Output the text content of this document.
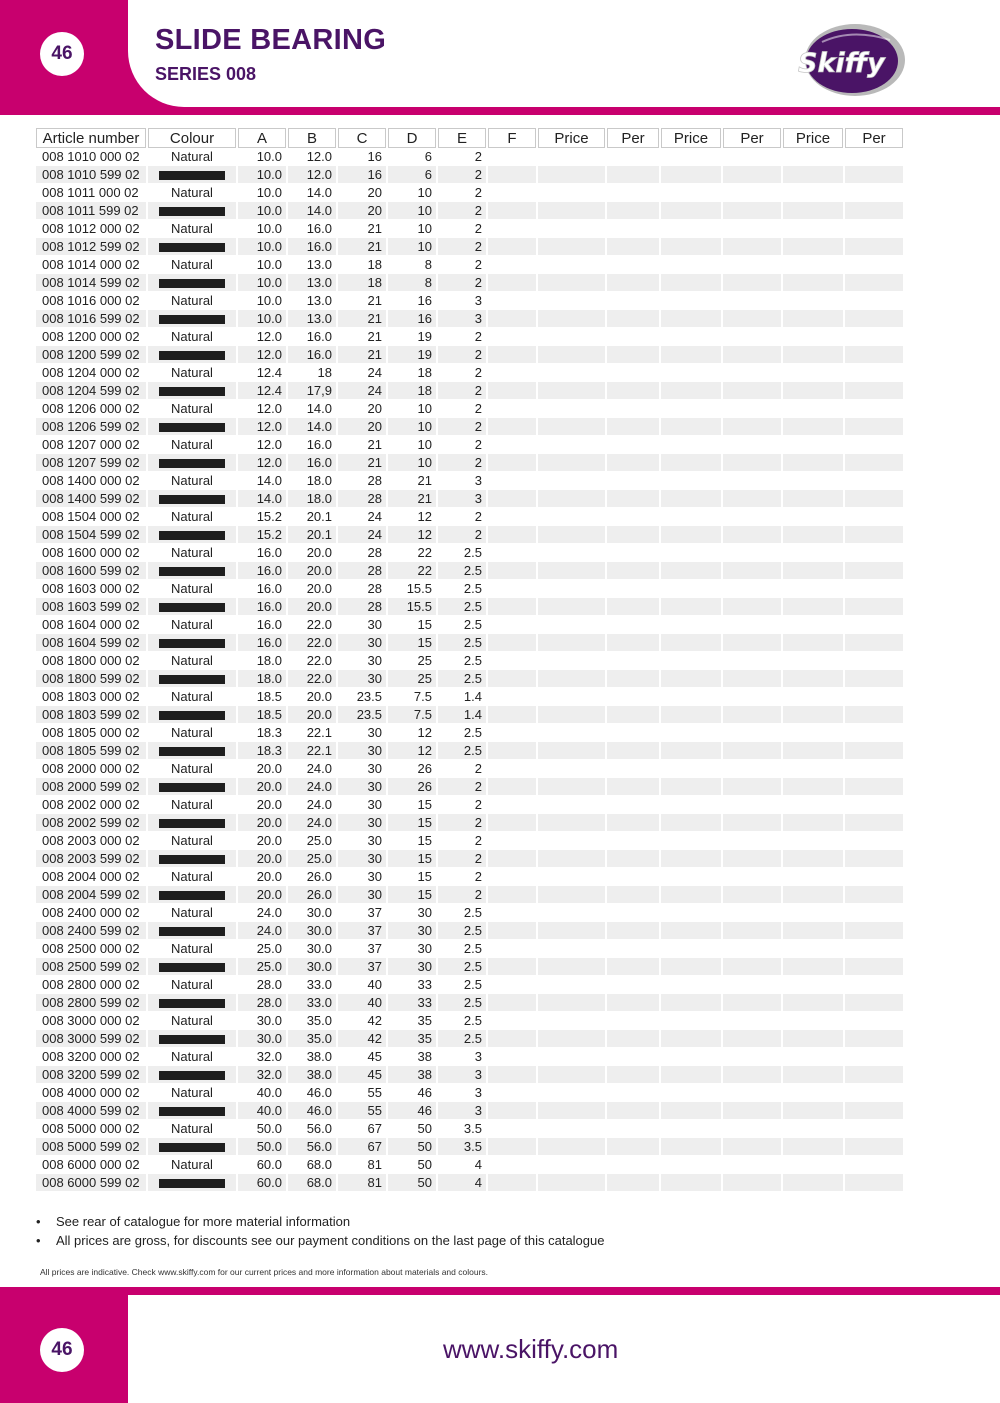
46	SLIDE BEARING
SERIES 008	Skiffy
Article number	Colour	A	B	C	D	E	F	Price	Per	Price	Per	Price	Per
008 1010 000 02	Natural	10.0	12.0	16	6	2							
008 1010 599 02		10.0	12.0	16	6	2							
008 1011 000 02	Natural	10.0	14.0	20	10	2							
008 1011 599 02		10.0	14.0	20	10	2							
008 1012 000 02	Natural	10.0	16.0	21	10	2							
008 1012 599 02		10.0	16.0	21	10	2							
008 1014 000 02	Natural	10.0	13.0	18	8	2							
008 1014 599 02		10.0	13.0	18	8	2							
008 1016 000 02	Natural	10.0	13.0	21	16	3							
008 1016 599 02		10.0	13.0	21	16	3							
008 1200 000 02	Natural	12.0	16.0	21	19	2							
008 1200 599 02		12.0	16.0	21	19	2							
008 1204 000 02	Natural	12.4	18	24	18	2							
008 1204 599 02		12.4	17,9	24	18	2							
008 1206 000 02	Natural	12.0	14.0	20	10	2							
008 1206 599 02		12.0	14.0	20	10	2							
008 1207 000 02	Natural	12.0	16.0	21	10	2							
008 1207 599 02		12.0	16.0	21	10	2							
008 1400 000 02	Natural	14.0	18.0	28	21	3							
008 1400 599 02		14.0	18.0	28	21	3							
008 1504 000 02	Natural	15.2	20.1	24	12	2							
008 1504 599 02		15.2	20.1	24	12	2							
008 1600 000 02	Natural	16.0	20.0	28	22	2.5							
008 1600 599 02		16.0	20.0	28	22	2.5							
008 1603 000 02	Natural	16.0	20.0	28	15.5	2.5							
008 1603 599 02		16.0	20.0	28	15.5	2.5							
008 1604 000 02	Natural	16.0	22.0	30	15	2.5							
008 1604 599 02		16.0	22.0	30	15	2.5							
008 1800 000 02	Natural	18.0	22.0	30	25	2.5							
008 1800 599 02		18.0	22.0	30	25	2.5							
008 1803 000 02	Natural	18.5	20.0	23.5	7.5	1.4							
008 1803 599 02		18.5	20.0	23.5	7.5	1.4							
008 1805 000 02	Natural	18.3	22.1	30	12	2.5							
008 1805 599 02		18.3	22.1	30	12	2.5							
008 2000 000 02	Natural	20.0	24.0	30	26	2							
008 2000 599 02		20.0	24.0	30	26	2							
008 2002 000 02	Natural	20.0	24.0	30	15	2							
008 2002 599 02		20.0	24.0	30	15	2							
008 2003 000 02	Natural	20.0	25.0	30	15	2							
008 2003 599 02		20.0	25.0	30	15	2							
008 2004 000 02	Natural	20.0	26.0	30	15	2							
008 2004 599 02		20.0	26.0	30	15	2							
008 2400 000 02	Natural	24.0	30.0	37	30	2.5							
008 2400 599 02		24.0	30.0	37	30	2.5							
008 2500 000 02	Natural	25.0	30.0	37	30	2.5							
008 2500 599 02		25.0	30.0	37	30	2.5							
008 2800 000 02	Natural	28.0	33.0	40	33	2.5							
008 2800 599 02		28.0	33.0	40	33	2.5							
008 3000 000 02	Natural	30.0	35.0	42	35	2.5							
008 3000 599 02		30.0	35.0	42	35	2.5							
008 3200 000 02	Natural	32.0	38.0	45	38	3							
008 3200 599 02		32.0	38.0	45	38	3							
008 4000 000 02	Natural	40.0	46.0	55	46	3							
008 4000 599 02		40.0	46.0	55	46	3							
008 5000 000 02	Natural	50.0	56.0	67	50	3.5							
008 5000 599 02		50.0	56.0	67	50	3.5							
008 6000 000 02	Natural	60.0	68.0	81	50	4							
008 6000 599 02		60.0	68.0	81	50	4							
• See rear of catalogue for more material information
• All prices are gross, for discounts see our payment conditions on the last page of this catalogue
All prices are indicative. Check www.skiffy.com for our current prices and more information about materials and colours.
46	www.skiffy.com
